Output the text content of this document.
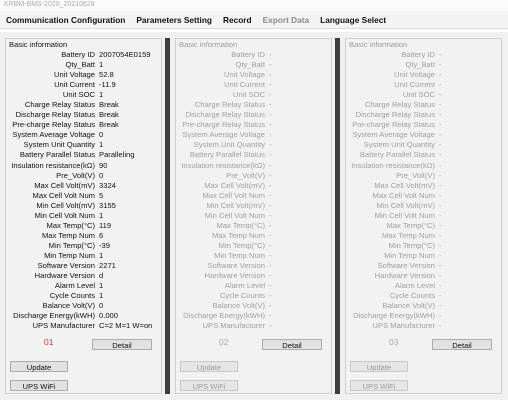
KRBM-BMS-2020_20210628
Communication Configuration Parameters Setting Record Export Data Language Select
Basic information
Battery ID 2007054E0159
Qty_Batt 1
Unit Voltage 52.8
Unit Current -11.9
Unit SOC 1
Charge Relay Status Break
Discharge Relay Status Break
Pre-charge Relay Status Break
System Average Voltage 0
System Unit Quantity 1
Battery Parallel Status Paralleling
Insulation resistance(kΩ) 90
Pre_Volt(V) 0
Max Cell Volt(mV) 3324
Max Cell Volt Num 5
Min Cell Volt(mV) 3155
Min Cell Volt Num 1
Max Temp(°C) 119
Max Temp Num 6
Min Temp(°C) -39
Min Temp Num 1
Software Version 2271
Hardware Version d
Alarm Level 1
Cycle Counts 1
Balance Volt(V) 0
Discharge Energy(kWH) 0.000
UPS Manufacturer C=2 M=1 W=on
01	Detail
Update
UPS WiFi
Basic information
Battery ID -
Qty_Batt -
Unit Voltage -
Unit Current -
Unit SOC -
Charge Relay Status -
Discharge Relay Status -
Pre-charge Relay Status -
System Average Voltage -
System Unit Quantity -
Battery Parallel Status -
Insulation resistance(kΩ) -
Pre_Volt(V) -
Max Cell Volt(mV) -
Max Cell Volt Num -
Min Cell Volt(mV) -
Min Cell Volt Num -
Max Temp(°C) -
Max Temp Num -
Min Temp(°C) -
Min Temp Num -
Software Version -
Hardware Version -
Alarm Level -
Cycle Counts -
Balance Volt(V) -
Discharge Energy(kWH) -
UPS Manufacturer -
02	Detail
Update
UPS WiFi
Basic information
Battery ID -
Qty_Batt -
Unit Voltage -
Unit Current -
Unit SOC -
Charge Relay Status -
Discharge Relay Status -
Pre-charge Relay Status -
System Average Voltage -
System Unit Quantity -
Battery Parallel Status -
Insulation resistance(kΩ) -
Pre_Volt(V) -
Max Cell Volt(mV) -
Max Cell Volt Num -
Min Cell Volt(mV) -
Min Cell Volt Num -
Max Temp(°C) -
Max Temp Num -
Min Temp(°C) -
Min Temp Num -
Software Version -
Hardware Version -
Alarm Level -
Cycle Counts -
Balance Volt(V) -
Discharge Energy(kWH) -
UPS Manufacturer -
03	Detail
Update
UPS WiFi
